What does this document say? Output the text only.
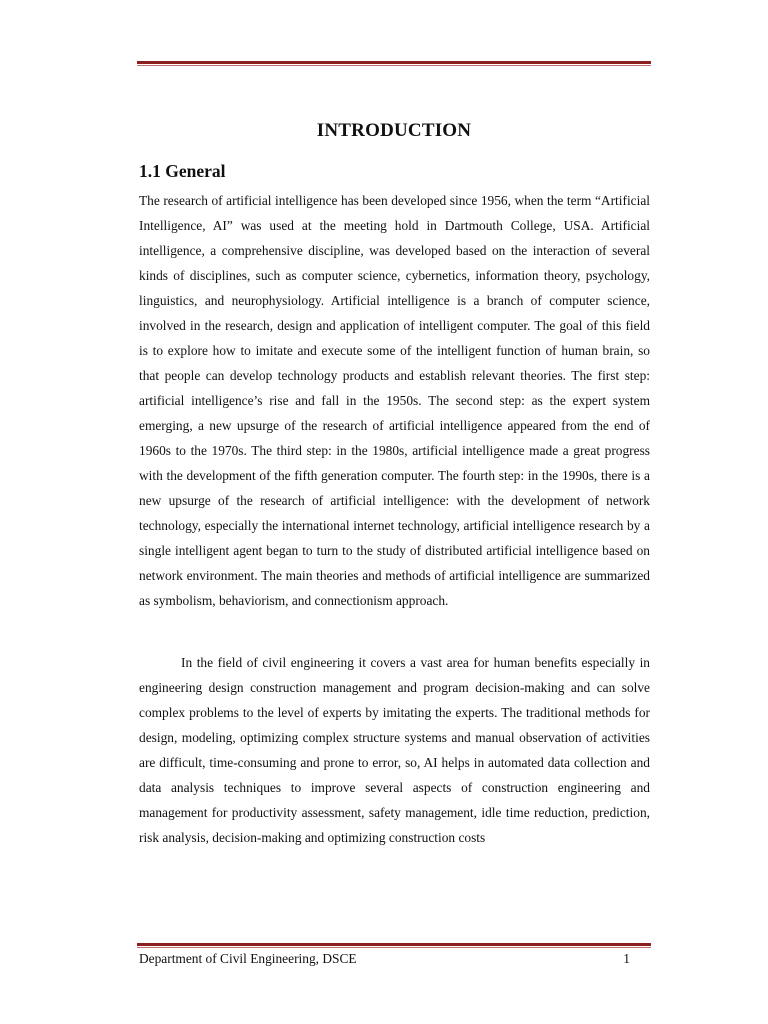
INTRODUCTION
1.1 General

The research of artificial intelligence has been developed since 1956, when the term “Artificial Intelligence, AI” was used at the meeting hold in Dartmouth College, USA. Artificial intelligence, a comprehensive discipline, was developed based on the interaction of several kinds of disciplines, such as computer science, cybernetics, information theory, psychology, linguistics, and neurophysiology. Artificial intelligence is a branch of computer science, involved in the research, design and application of intelligent computer. The goal of this field is to explore how to imitate and execute some of the intelligent function of human brain, so that people can develop technology products and establish relevant theories. The first step: artificial intelligence’s rise and fall in the 1950s. The second step: as the expert system emerging, a new upsurge of the research of artificial intelligence appeared from the end of 1960s to the 1970s. The third step: in the 1980s, artificial intelligence made a great progress with the development of the fifth generation computer. The fourth step: in the 1990s, there is a new upsurge of the research of artificial intelligence: with the development of network technology, especially the international internet technology, artificial intelligence research by a single intelligent agent began to turn to the study of distributed artificial intelligence based on network environment. The main theories and methods of artificial intelligence are summarized as symbolism, behaviorism, and connectionism approach.

In the field of civil engineering it covers a vast area for human benefits especially in engineering design construction management and program decision-making and can solve complex problems to the level of experts by imitating the experts. The traditional methods for design, modeling, optimizing complex structure systems and manual observation of activities are difficult, time-consuming and prone to error, so, AI helps in automated data collection and data analysis techniques to improve several aspects of construction engineering and management for productivity assessment, safety management, idle time reduction, prediction, risk analysis, decision-making and optimizing construction costs

Department of Civil Engineering, DSCE	1
